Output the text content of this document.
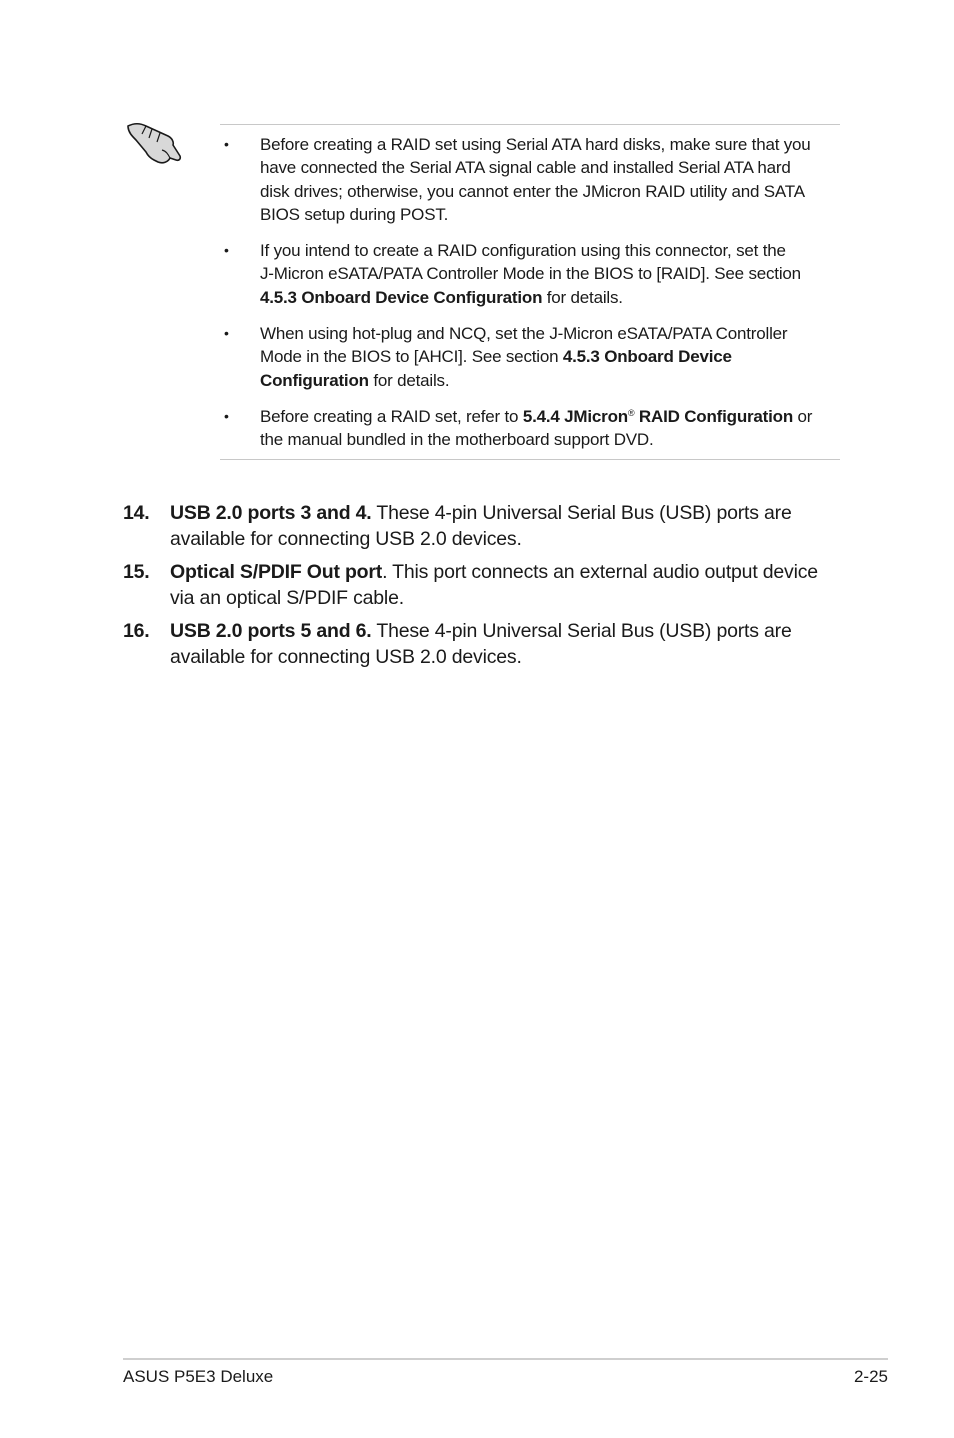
• Before creating a RAID set using Serial ATA hard disks, make sure that you
have connected the Serial ATA signal cable and installed Serial ATA hard
disk drives; otherwise, you cannot enter the JMicron RAID utility and SATA
BIOS setup during POST.
• If you intend to create a RAID configuration using this connector, set the
J-Micron eSATA/PATA Controller Mode in the BIOS to [RAID]. See section
4.5.3 Onboard Device Configuration for details.
• When using hot-plug and NCQ, set the J-Micron eSATA/PATA Controller
Mode in the BIOS to [AHCI]. See section 4.5.3 Onboard Device
Configuration for details.
• Before creating a RAID set, refer to 5.4.4 JMicron® RAID Configuration or
the manual bundled in the motherboard support DVD.
14. USB 2.0 ports 3 and 4. These 4-pin Universal Serial Bus (USB) ports are
available for connecting USB 2.0 devices.
15. Optical S/PDIF Out port. This port connects an external audio output device
via an optical S/PDIF cable.
16. USB 2.0 ports 5 and 6. These 4-pin Universal Serial Bus (USB) ports are
available for connecting USB 2.0 devices.
ASUS P5E3 Deluxe	2-25
